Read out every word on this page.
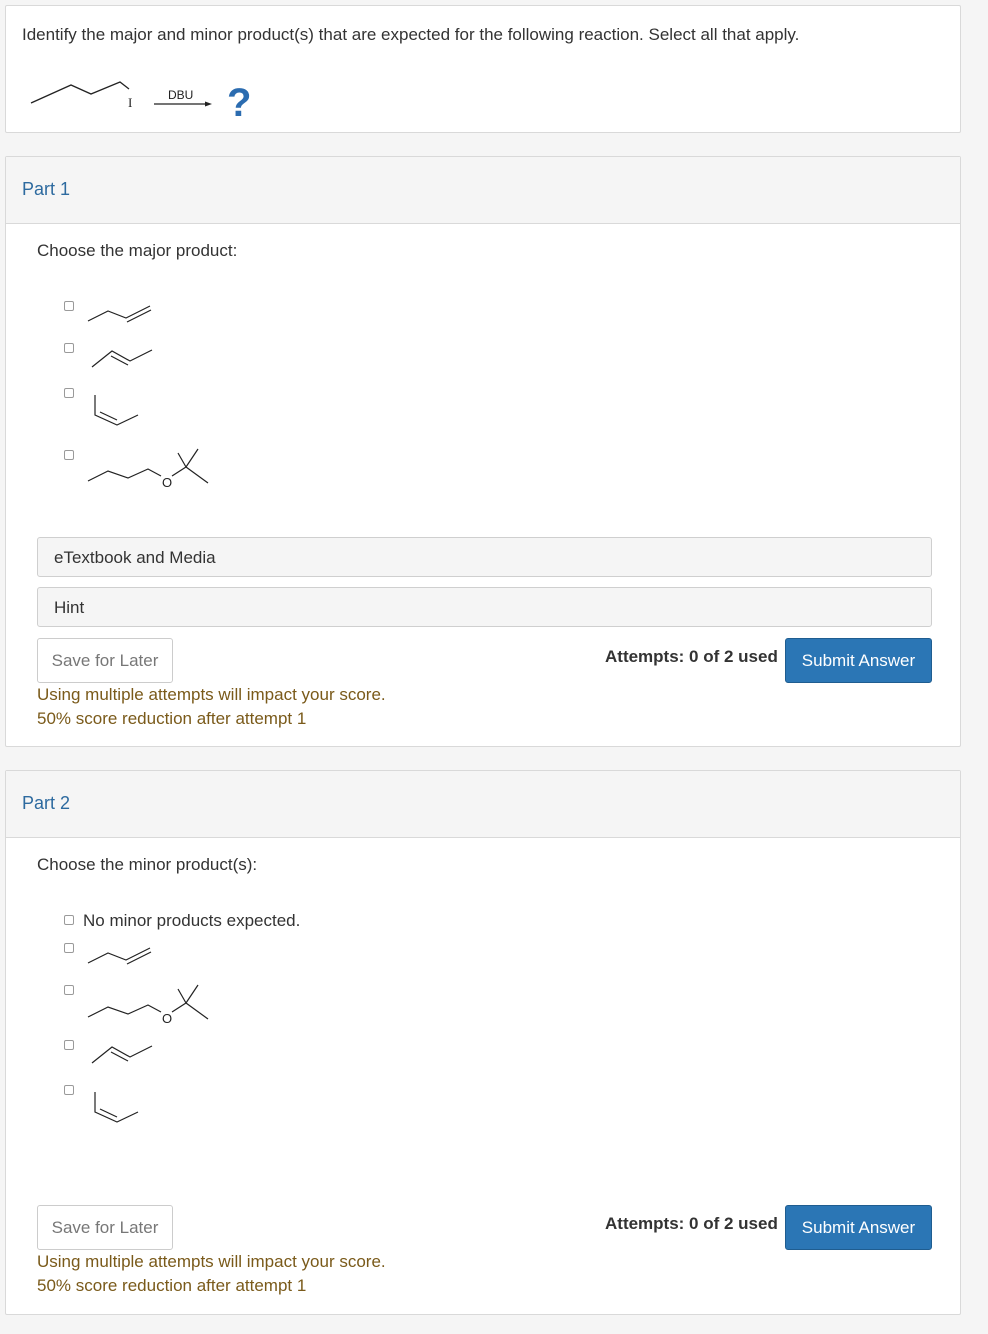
Identify the major and minor product(s) that are expected for the following reaction. Select all that apply.
I	DBU ?
Part 1
Choose the major product:
O
eTextbook and Media
Hint
Save for Later	Attempts: 0 of 2 used	Submit Answer
Using multiple attempts will impact your score.
50% score reduction after attempt 1
Part 2
Choose the minor product(s):
No minor products expected.
O
Save for Later	Attempts: 0 of 2 used	Submit Answer
Using multiple attempts will impact your score.
50% score reduction after attempt 1
